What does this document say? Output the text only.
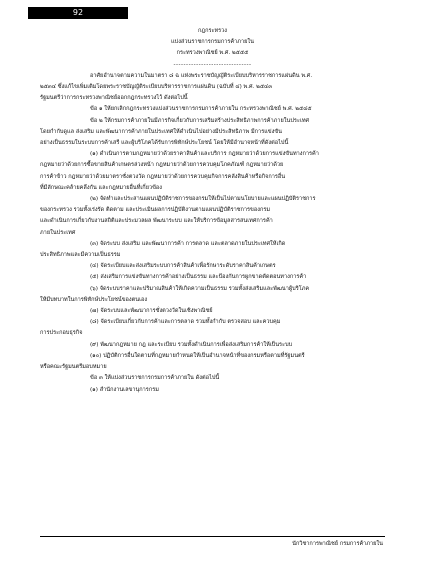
92
กฎกระทรวง
แบ่งส่วนราชการกรมการค้าภายใน
กระทรวงพาณิชย์ พ.ศ. ๒๕๕๕
-------------------------------
อาศัยอำนาจตามความในมาตรา ๘ ฉ แห่งพระราชบัญญัติระเบียบบริหารราชการแผ่นดิน พ.ศ.
๒๕๓๔ ซึ่งแก้ไขเพิ่มเติมโดยพระราชบัญญัติระเบียบบริหารราชการแผ่นดิน (ฉบับที่ ๔) พ.ศ. ๒๕๔๓
รัฐมนตรีว่าการกระทรวงพาณิชย์ออกกฎกระทรวงไว้ ดังต่อไปนี้
ข้อ ๑ ให้ยกเลิกกฎกระทรวงแบ่งส่วนราชการกรมการค้าภายใน กระทรวงพาณิชย์ พ.ศ. ๒๕๔๕
ข้อ ๒ ให้กรมการค้าภายในมีภารกิจเกี่ยวกับการเสริมสร้างประสิทธิภาพการค้าภายในประเทศ
โดยกำกับดูแล ส่งเสริม และพัฒนาการค้าภายในประเทศให้ดำเนินไปอย่างมีประสิทธิภาพ มีการแข่งขัน
อย่างเป็นธรรมในระบบการค้าเสรี และผู้บริโภคได้รับการพิทักษ์ประโยชน์ โดยให้มีอำนาจหน้าที่ดังต่อไปนี้
(๑) ดำเนินการตามกฎหมายว่าด้วยราคาสินค้าและบริการ กฎหมายว่าด้วยการแข่งขันทางการค้า
กฎหมายว่าด้วยการซื้อขายสินค้าเกษตรล่วงหน้า กฎหมายว่าด้วยการควบคุมโภคภัณฑ์ กฎหมายว่าด้วย
การค้าข้าว กฎหมายว่าด้วยมาตราชั่งตวงวัด กฎหมายว่าด้วยการควบคุมกิจการคลังสินค้าหรือกิจการอื่น
ที่มีลักษณะคล้ายคลึงกัน และกฎหมายอื่นที่เกี่ยวข้อง
(๒) จัดทำและประสานแผนปฏิบัติราชการของกรมให้เป็นไปตามนโยบายและแผนปฏิบัติราชการ
ของกระทรวง รวมทั้งเร่งรัด ติดตาม และประเมินผลการปฏิบัติงานตามแผนปฏิบัติราชการของกรม
และดำเนินการเกี่ยวกับงานสถิติและประมวลผล พัฒนาระบบ และให้บริการข้อมูลสารสนเทศการค้า
ภายในประเทศ
(๓) จัดระบบ ส่งเสริม และพัฒนาการค้า การตลาด และตลาดภายในประเทศให้เกิด
ประสิทธิภาพและมีความเป็นธรรม
(๔) จัดระเบียบและส่งเสริมระบบการค้าสินค้าเพื่อรักษาระดับราคาสินค้าเกษตร
(๕) ส่งเสริมการแข่งขันทางการค้าอย่างเป็นธรรม และป้องกันการผูกขาดตัดตอนทางการค้า
(๖) จัดระบบราคาและปริมาณสินค้าให้เกิดความเป็นธรรม รวมทั้งส่งเสริมและพัฒนาผู้บริโภค
ให้มีบทบาทในการพิทักษ์ประโยชน์ของตนเอง
(๗) จัดระบบและพัฒนาการชั่งตวงวัดในเชิงพาณิชย์
(๘) จัดระเบียบเกี่ยวกับการค้าและการตลาด รวมทั้งกำกับ ตรวจสอบ และควบคุม
การประกอบธุรกิจ
(๙) พัฒนากฎหมาย กฎ และระเบียบ รวมทั้งดำเนินการเพื่อส่งเสริมการค้าให้เป็นระบบ
(๑๐) ปฏิบัติการอื่นใดตามที่กฎหมายกำหนดให้เป็นอำนาจหน้าที่ของกรมหรือตามที่รัฐมนตรี
หรือคณะรัฐมนตรีมอบหมาย
ข้อ ๓ ให้แบ่งส่วนราชการกรมการค้าภายใน ดังต่อไปนี้
(๑) สำนักงานเลขานุการกรม
นักวิชาการพาณิชย์ กรมการค้าภายใน
